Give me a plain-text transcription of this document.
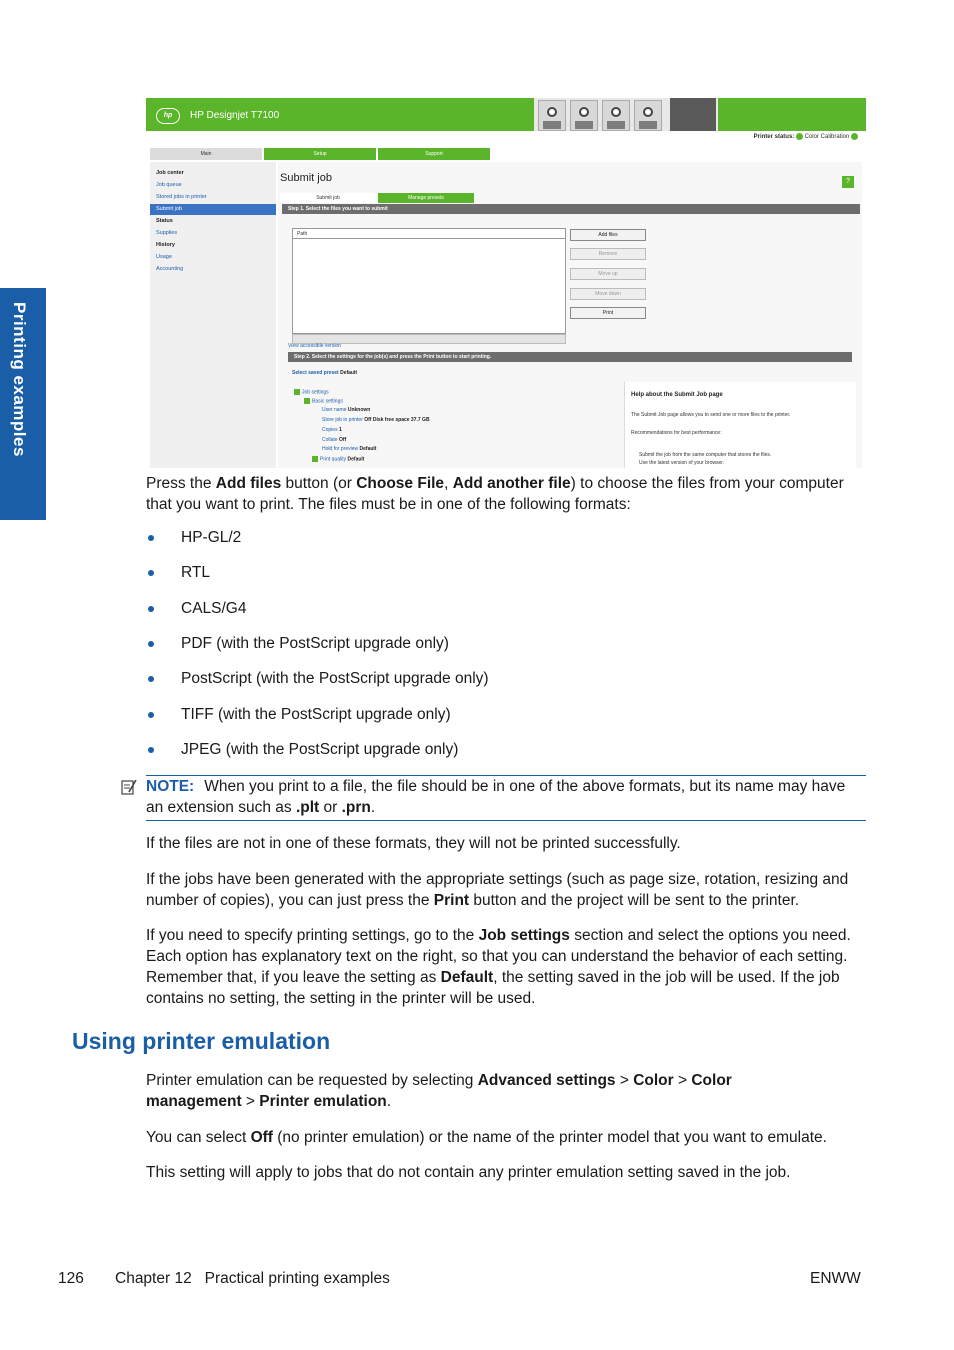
Printing examples
hp	HP Designjet T7100
Printer status: Color Calibration
Main	Setup	Support
Job center
Job queue
Stored jobs in printer
Submit job
Status
Supplies
History
Usage
Accounting
Submit job	?
Submit job	Manage presets
Step 1. Select the files you want to submit
Path	Add files
Remove
Move up
Move down
Print
View accessible version
Step 2. Select the settings for the job(s) and press the Print button to start printing.
Select saved preset Default
Job settings
Basic settings
User name Unknown
Store job in printer Off Disk free space 37.7 GB
Copies 1
Collate Off
Hold for preview Default
Print quality Default
Help about the Submit Job page
The Submit Job page allows you to send one or more files to the printer.
Recommendations for best performance:
Submit the job from the same computer that stores the files.
Use the latest version of your browser.
Press the Add files button (or Choose File, Add another file) to choose the files from your computer that you want to print. The files must be in one of the following formats:
HP-GL/2
RTL
CALS/G4
PDF (with the PostScript upgrade only)
PostScript (with the PostScript upgrade only)
TIFF (with the PostScript upgrade only)
JPEG (with the PostScript upgrade only)
NOTE: When you print to a file, the file should be in one of the above formats, but its name may have an extension such as .plt or .prn.
If the files are not in one of these formats, they will not be printed successfully.
If the jobs have been generated with the appropriate settings (such as page size, rotation, resizing and number of copies), you can just press the Print button and the project will be sent to the printer.
If you need to specify printing settings, go to the Job settings section and select the options you need. Each option has explanatory text on the right, so that you can understand the behavior of each setting. Remember that, if you leave the setting as Default, the setting saved in the job will be used. If the job contains no setting, the setting in the printer will be used.
Using printer emulation
Printer emulation can be requested by selecting Advanced settings > Color > Color management > Printer emulation.
You can select Off (no printer emulation) or the name of the printer model that you want to emulate.
This setting will apply to jobs that do not contain any printer emulation setting saved in the job.
126 Chapter 12   Practical printing examples	ENWW
